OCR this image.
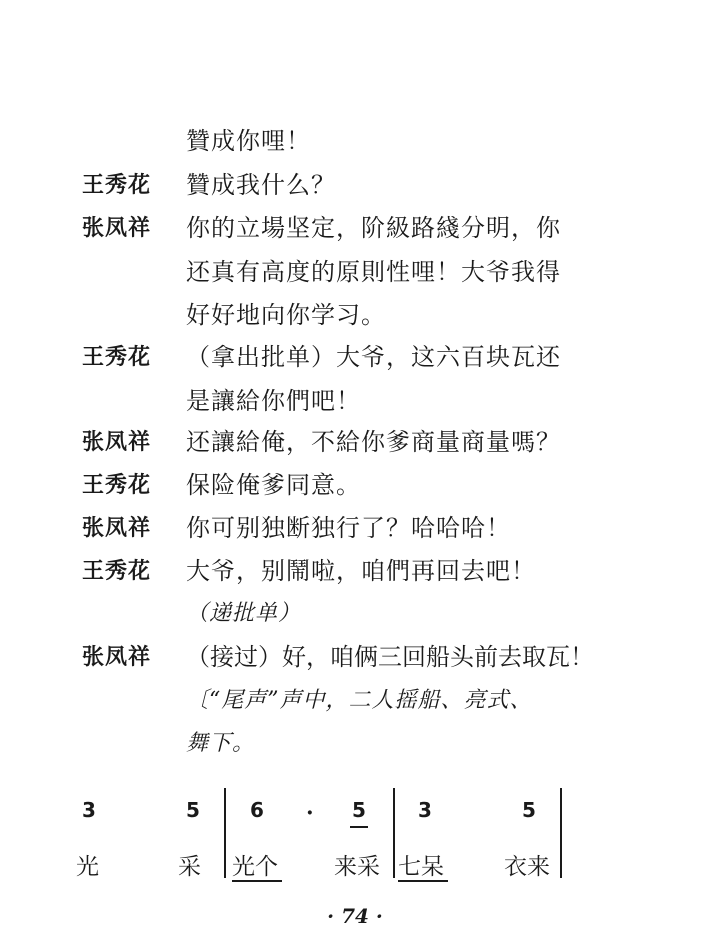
贊成你哩！
王秀花 贊成我什么？
张凤祥 你的立場坚定，阶級路綫分明，你
还真有高度的原則性哩！大爷我得
好好地向你学习。
王秀花 （拿出批单）大爷，这六百块瓦还
是讓給你們吧！
张凤祥 还讓給俺，不給你爹商量商量嗎？
王秀花 保险俺爹同意。
张凤祥 你可别独断独行了？哈哈哈！
王秀花 大爷，别鬧啦，咱們再回去吧！
（递批单）
张凤祥 （接过）好，咱俩三回船头前去取瓦！
〔“尾声”声中，二人摇船、亮式、
舞下。
3	5	6 · 5	3	5
光	采 光个 来采 七呆	衣来
· 74 ·
